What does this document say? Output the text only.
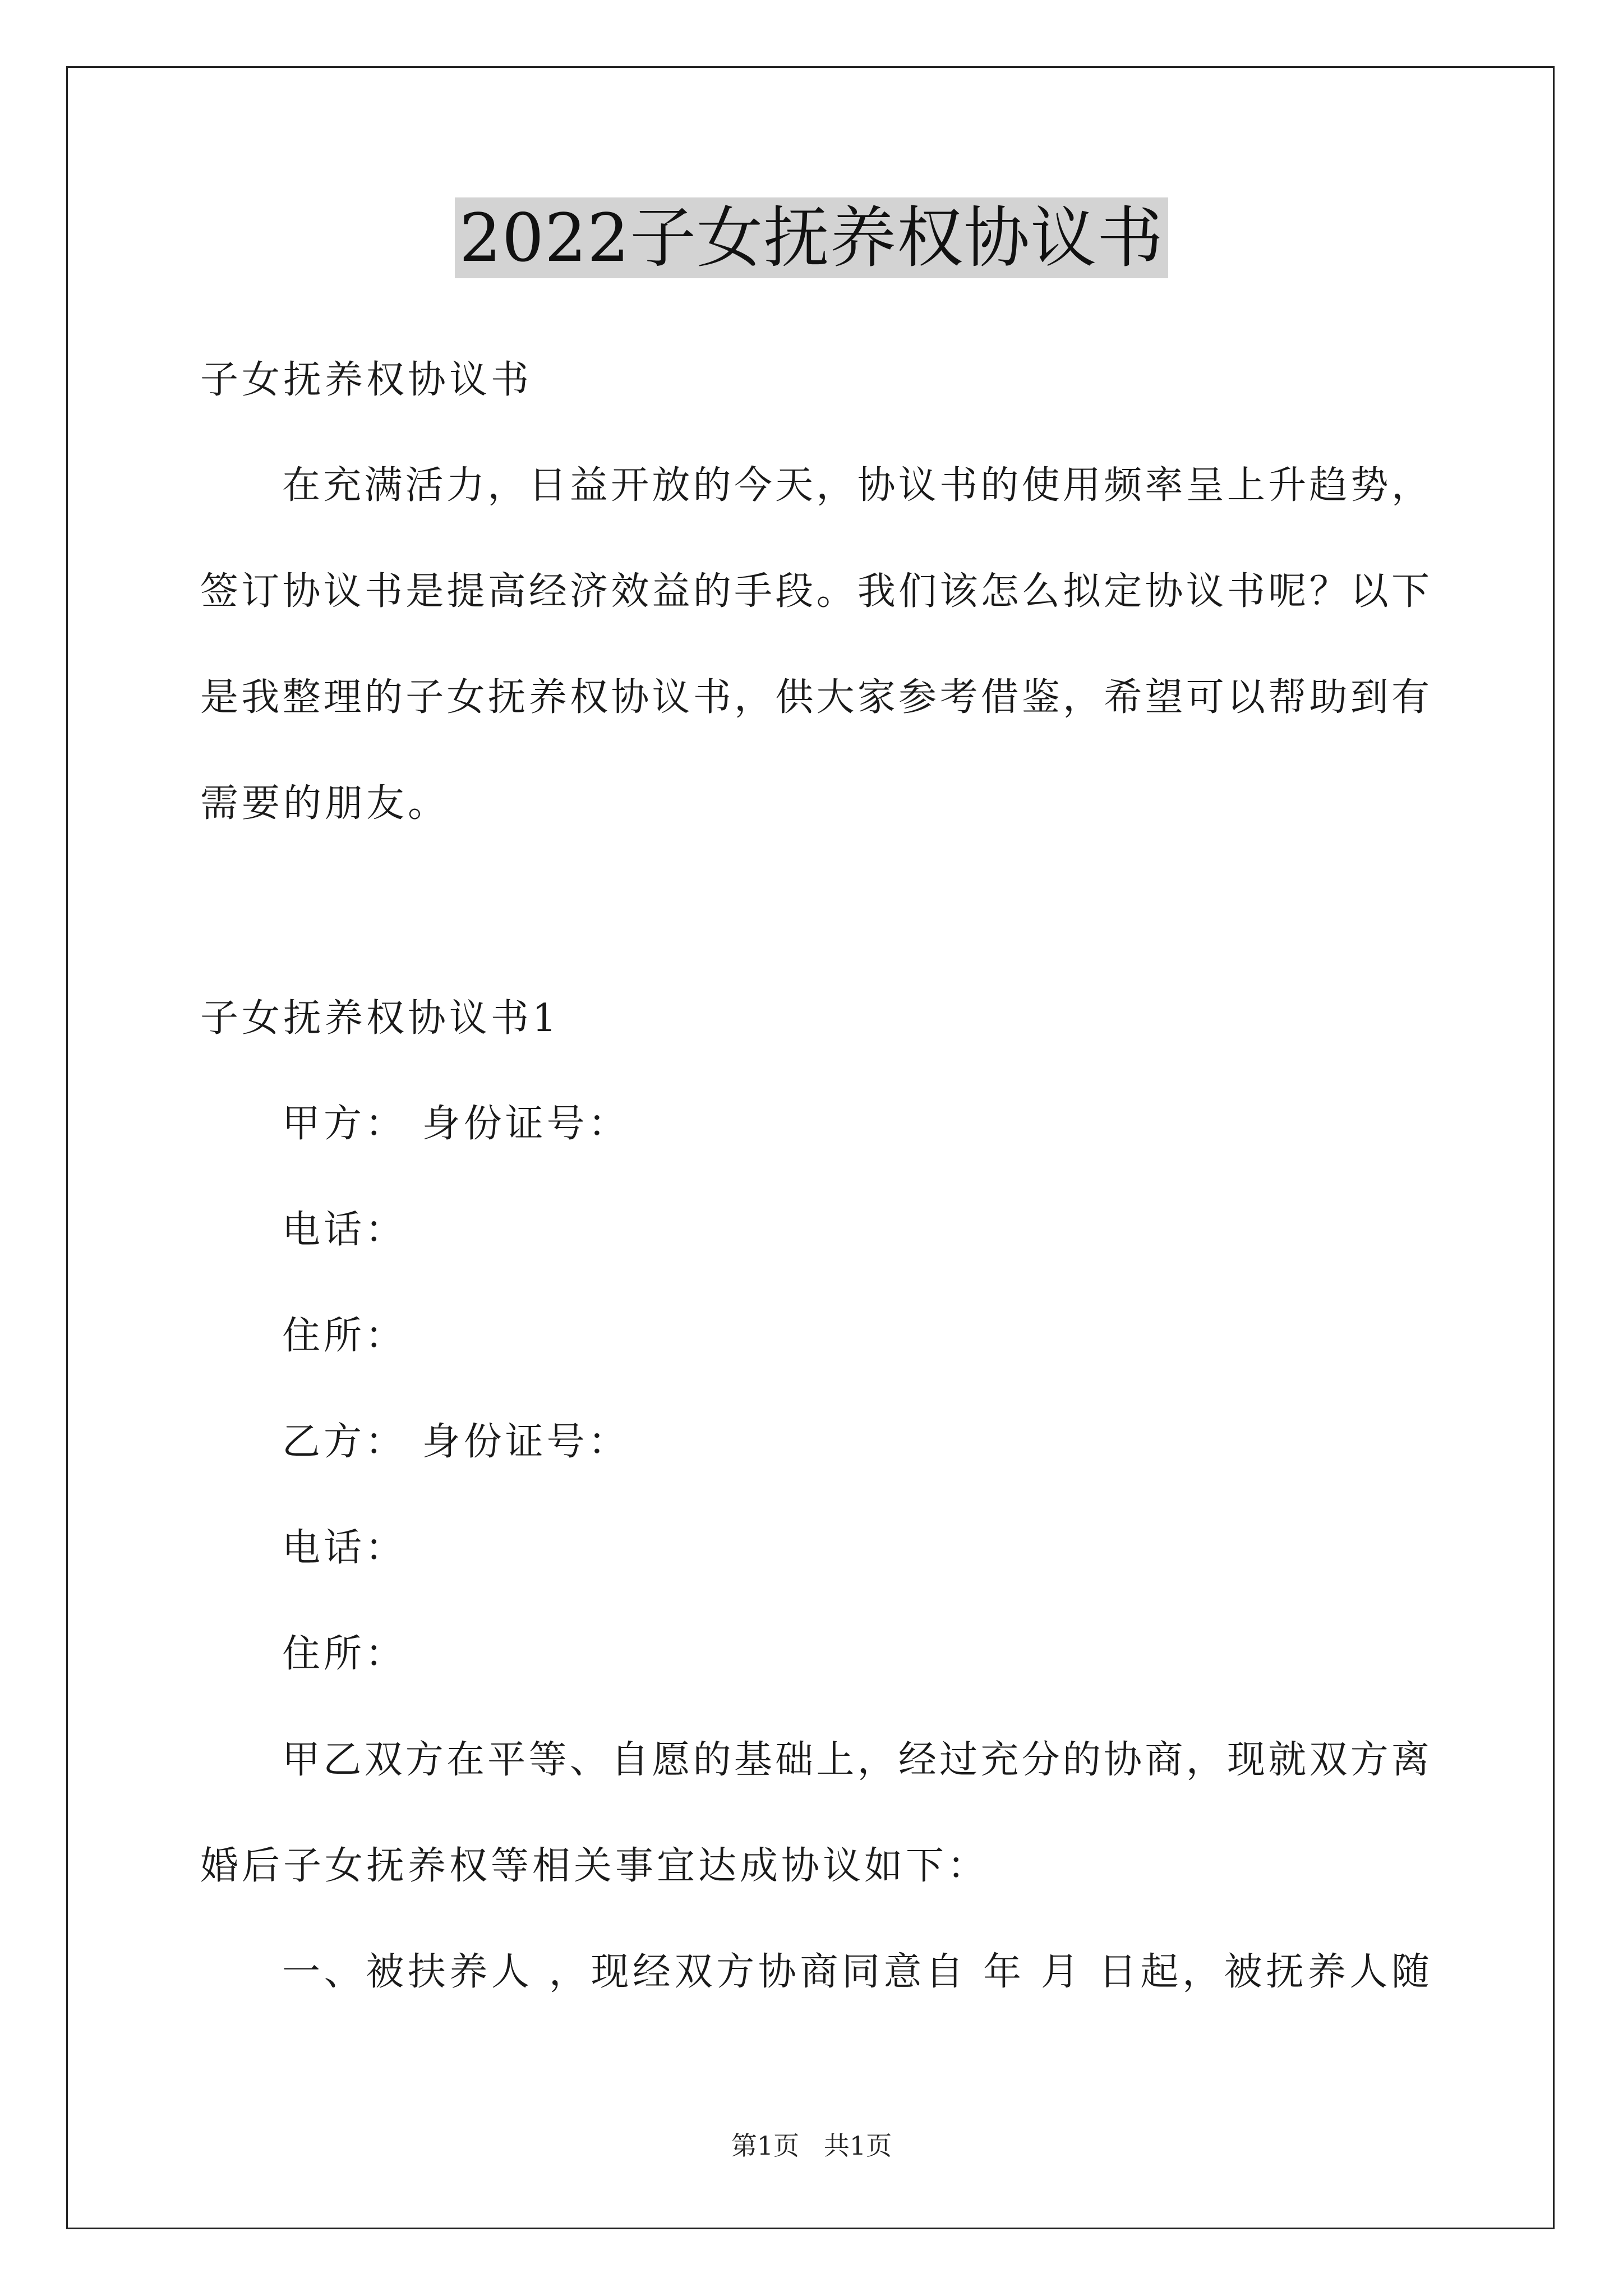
2022子女抚养权协议书
子女抚养权协议书
在充满活力，日益开放的今天，协议书的使用频率呈上升趋势，
签订协议书是提高经济效益的手段。我们该怎么拟定协议书呢？以下
是我整理的子女抚养权协议书，供大家参考借鉴，希望可以帮助到有
需要的朋友。
子女抚养权协议书1
甲方： 身份证号：
电话：
住所：
乙方： 身份证号：
电话：
住所：
甲乙双方在平等、自愿的基础上，经过充分的协商，现就双方离
婚后子女抚养权等相关事宜达成协议如下：
一、被扶养人 ，现经双方协商同意自 年 月 日起，被抚养人随
第1页   共1页
